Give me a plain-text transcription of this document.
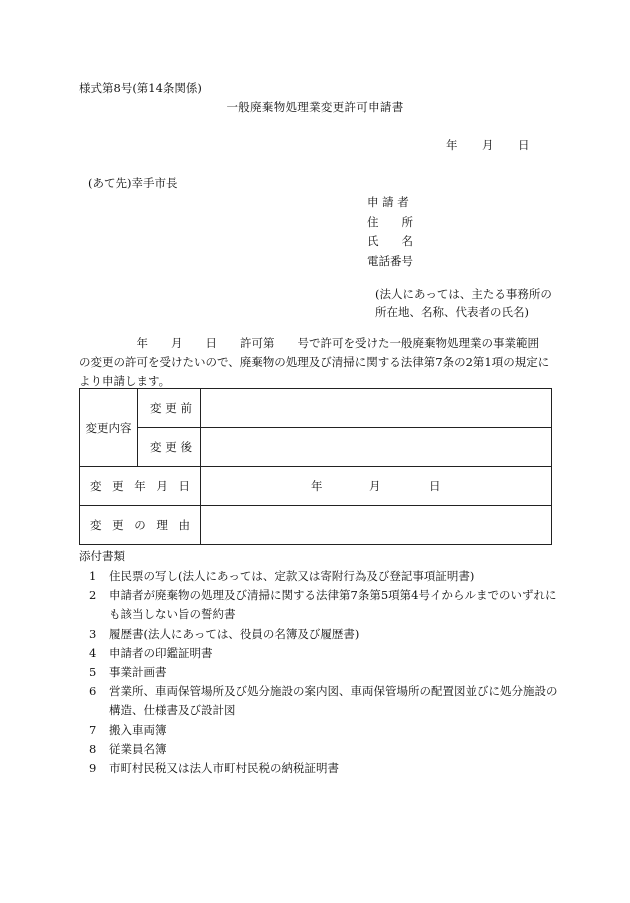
様式第8号(第14条関係)
一般廃棄物処理業変更許可申請書
年 月 日
(あて先)幸手市長
申 請 者
住　　所
氏　　名
電話番号
(法人にあっては、主たる事務所の
所在地、名称、代表者の氏名)

　　　　　年　　月　　日　　許可第　　号で許可を受けた一般廃棄物処理業の事業範囲

の変更の許可を受けたいので、廃棄物の処理及び清掃に関する法律第7条の2第1項の規定に

より申請します。

変更内容	変 更 前	

	変 更 後	

変 更 年 月 日		年 月 日

変 更 の 理 由		

添付書類
1	住民票の写し(法人にあっては、定款又は寄附行為及び登記事項証明書)
2	申請者が廃棄物の処理及び清掃に関する法律第7条第5項第4号イからルまでのいずれにも該当しない旨の誓約書
3	履歴書(法人にあっては、役員の名簿及び履歴書)
4	申請者の印鑑証明書
5	事業計画書
6	営業所、車両保管場所及び処分施設の案内図、車両保管場所の配置図並びに処分施設の構造、仕様書及び設計図
7	搬入車両簿
8	従業員名簿
9	市町村民税又は法人市町村民税の納税証明書
